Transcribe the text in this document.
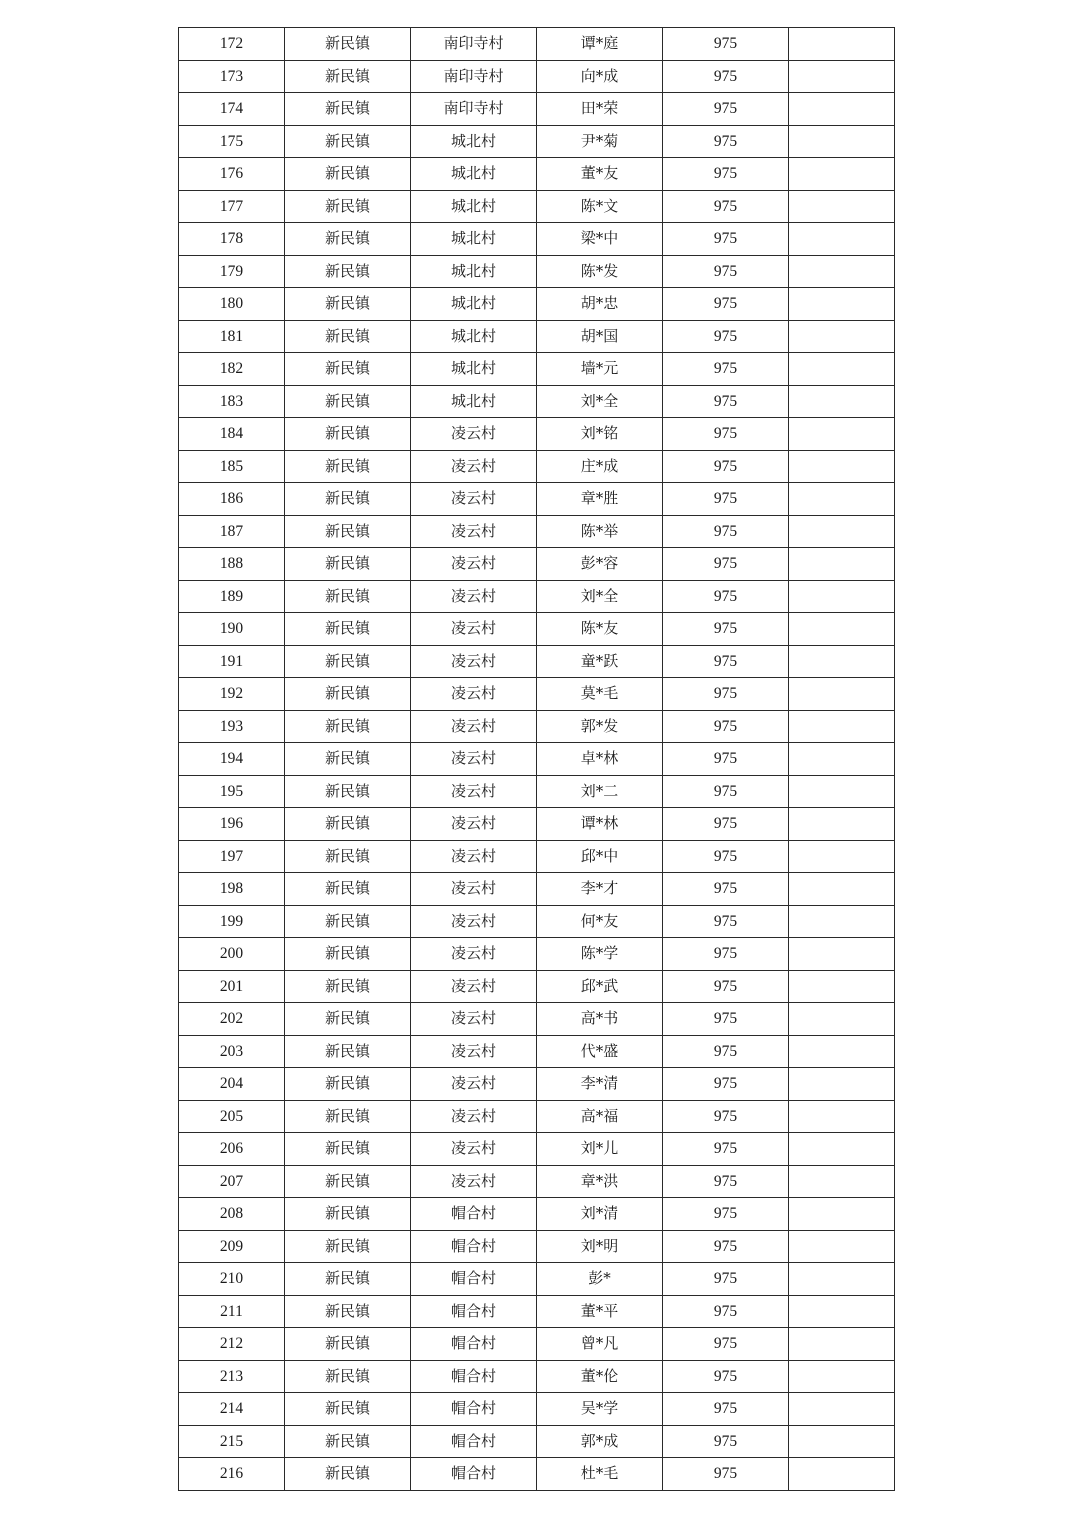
172	新民镇	南印寺村	谭*庭	975	
173	新民镇	南印寺村	向*成	975	
174	新民镇	南印寺村	田*荣	975	
175	新民镇	城北村	尹*菊	975	
176	新民镇	城北村	董*友	975	
177	新民镇	城北村	陈*文	975	
178	新民镇	城北村	梁*中	975	
179	新民镇	城北村	陈*发	975	
180	新民镇	城北村	胡*忠	975	
181	新民镇	城北村	胡*国	975	
182	新民镇	城北村	墙*元	975	
183	新民镇	城北村	刘*全	975	
184	新民镇	凌云村	刘*铭	975	
185	新民镇	凌云村	庄*成	975	
186	新民镇	凌云村	章*胜	975	
187	新民镇	凌云村	陈*举	975	
188	新民镇	凌云村	彭*容	975	
189	新民镇	凌云村	刘*全	975	
190	新民镇	凌云村	陈*友	975	
191	新民镇	凌云村	童*跃	975	
192	新民镇	凌云村	莫*毛	975	
193	新民镇	凌云村	郭*发	975	
194	新民镇	凌云村	卓*林	975	
195	新民镇	凌云村	刘*二	975	
196	新民镇	凌云村	谭*林	975	
197	新民镇	凌云村	邱*中	975	
198	新民镇	凌云村	李*才	975	
199	新民镇	凌云村	何*友	975	
200	新民镇	凌云村	陈*学	975	
201	新民镇	凌云村	邱*武	975	
202	新民镇	凌云村	高*书	975	
203	新民镇	凌云村	代*盛	975	
204	新民镇	凌云村	李*清	975	
205	新民镇	凌云村	高*福	975	
206	新民镇	凌云村	刘*儿	975	
207	新民镇	凌云村	章*洪	975	
208	新民镇	帽合村	刘*清	975	
209	新民镇	帽合村	刘*明	975	
210	新民镇	帽合村	彭*	975	
211	新民镇	帽合村	董*平	975	
212	新民镇	帽合村	曾*凡	975	
213	新民镇	帽合村	董*伦	975	
214	新民镇	帽合村	吴*学	975	
215	新民镇	帽合村	郭*成	975	
216	新民镇	帽合村	杜*毛	975	
